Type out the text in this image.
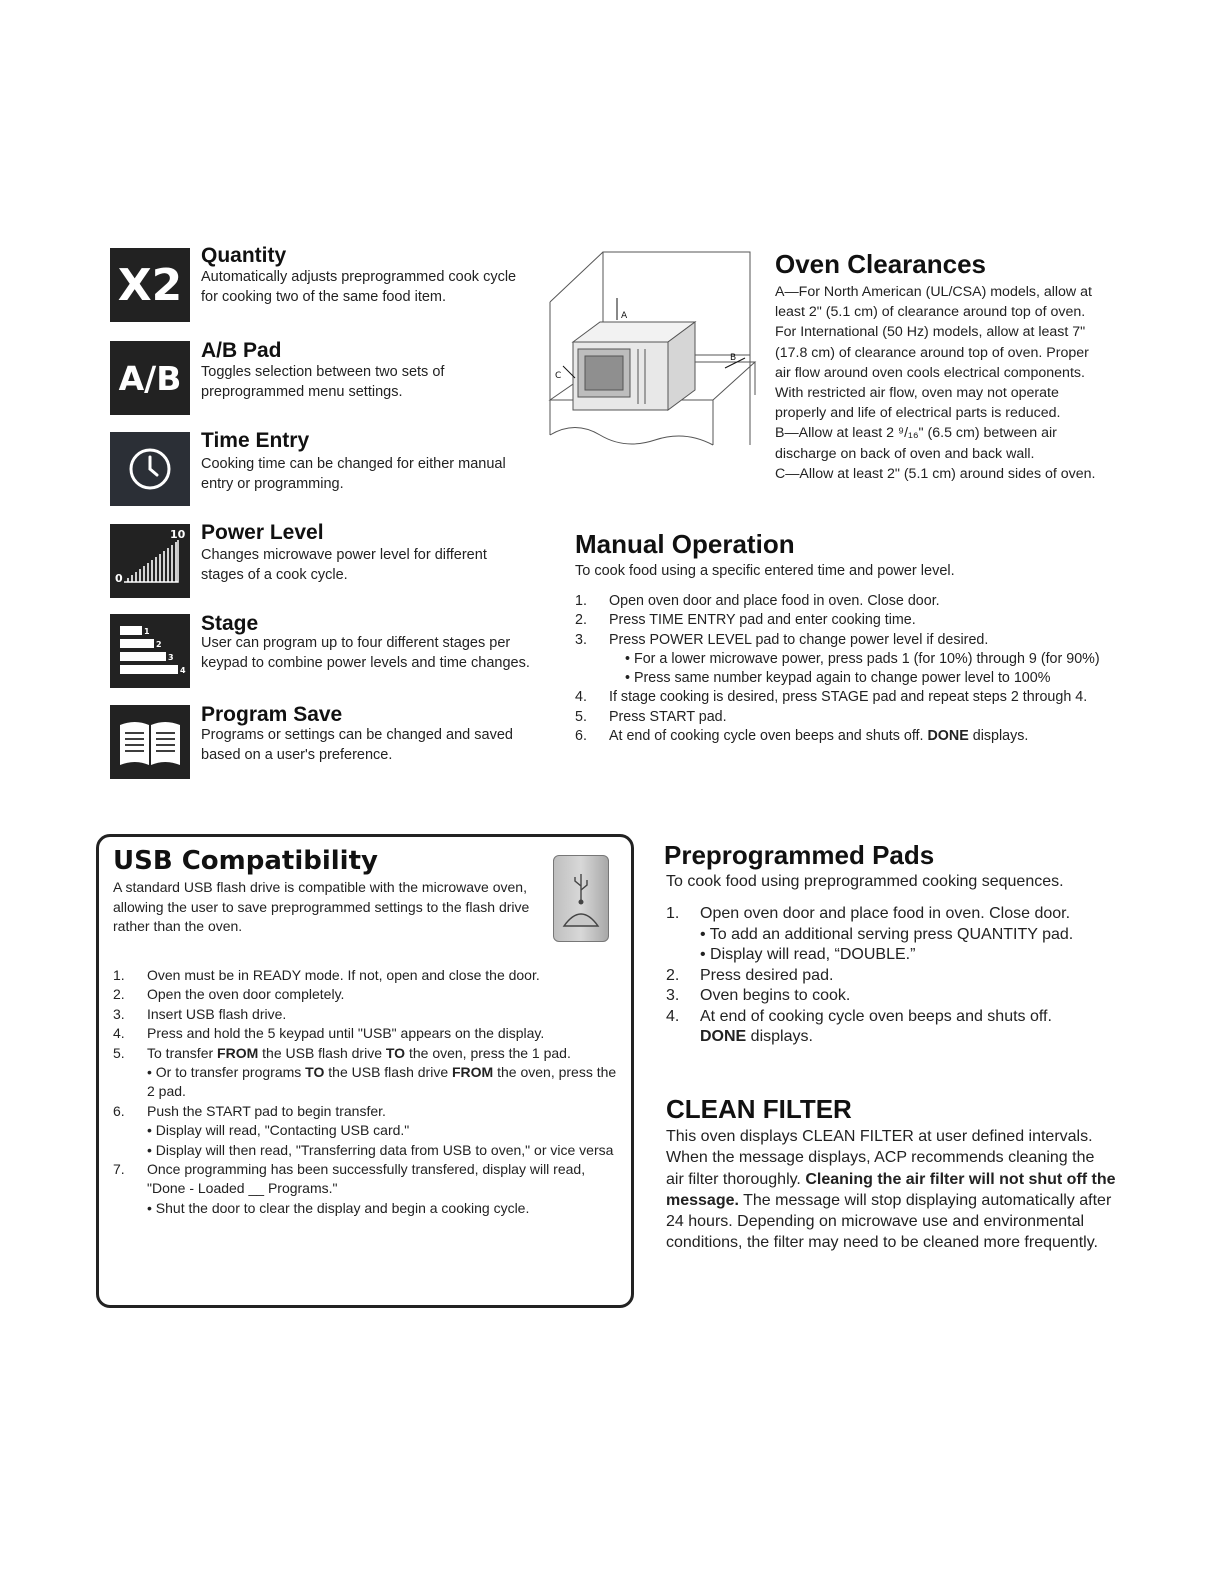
X2
Quantity
Automatically adjusts preprogrammed cook cycle for cooking two of the same food item.
A/B
A/B Pad
Toggles selection between two sets of preprogrammed menu settings.
Time Entry
Cooking time can be changed for either manual entry or programming.
0
10 Power Level
Changes microwave power level for different stages of a cook cycle.
1
2
3
4
Stage
User can program up to four different stages per keypad to combine power levels and time changes.
Program Save
Programs or settings can be changed and saved based on a user's preference.
A
C
B
Oven Clearances
A—For North American (UL/CSA) models, allow at
least 2" (5.1 cm) of clearance around top of oven.
For International (50 Hz) models, allow at least 7"
(17.8 cm) of clearance around top of oven. Proper
air flow around oven cools electrical components.
With restricted air flow, oven may not operate
properly and life of electrical parts is reduced.
B—Allow at least 2 ⁹/₁₆" (6.5 cm) between air
discharge on back of oven and back wall.
C—Allow at least 2" (5.1 cm) around sides of oven.
Manual Operation
To cook food using a specific entered time and power level.
1. Open oven door and place food in oven. Close door.
2. Press TIME ENTRY pad and enter cooking time.
3. Press POWER LEVEL pad to change power level if desired.
• For a lower microwave power, press pads 1 (for 10%) through 9 (for 90%)
• Press same number keypad again to change power level to 100%
4. If stage cooking is desired, press STAGE pad and repeat steps 2 through 4.
5. Press START pad.
6. At end of cooking cycle oven beeps and shuts off. DONE displays.
USB Compatibility
A standard USB flash drive is compatible with the microwave oven, allowing the user to save preprogrammed settings to the flash drive rather than the oven.
1. Oven must be in READY mode. If not, open and close the door.
2. Open the oven door completely.
3. Insert USB flash drive.
4. Press and hold the 5 keypad until "USB" appears on the display.
5. To transfer FROM the USB flash drive TO the oven, press the 1 pad.
• Or to transfer programs TO the USB flash drive FROM the oven, press the 2 pad.
6. Push the START pad to begin transfer.
• Display will read, "Contacting USB card."
• Display will then read, "Transferring data from USB to oven," or vice versa
7. Once programming has been successfully transfered, display will read, "Done - Loaded __ Programs."
• Shut the door to clear the display and begin a cooking cycle.
Preprogrammed Pads
To cook food using preprogrammed cooking sequences.
1. Open oven door and place food in oven. Close door.
• To add an additional serving press QUANTITY pad.
• Display will read, “DOUBLE.”
2. Press desired pad.
3. Oven begins to cook.
4. At end of cooking cycle oven beeps and shuts off.
DONE displays.
CLEAN FILTER
This oven displays CLEAN FILTER at user defined intervals. When the message displays, ACP recommends cleaning the air filter thoroughly. Cleaning the air filter will not shut off the message. The message will stop displaying automatically after 24 hours. Depending on microwave use and environmental conditions, the filter may need to be cleaned more frequently.
